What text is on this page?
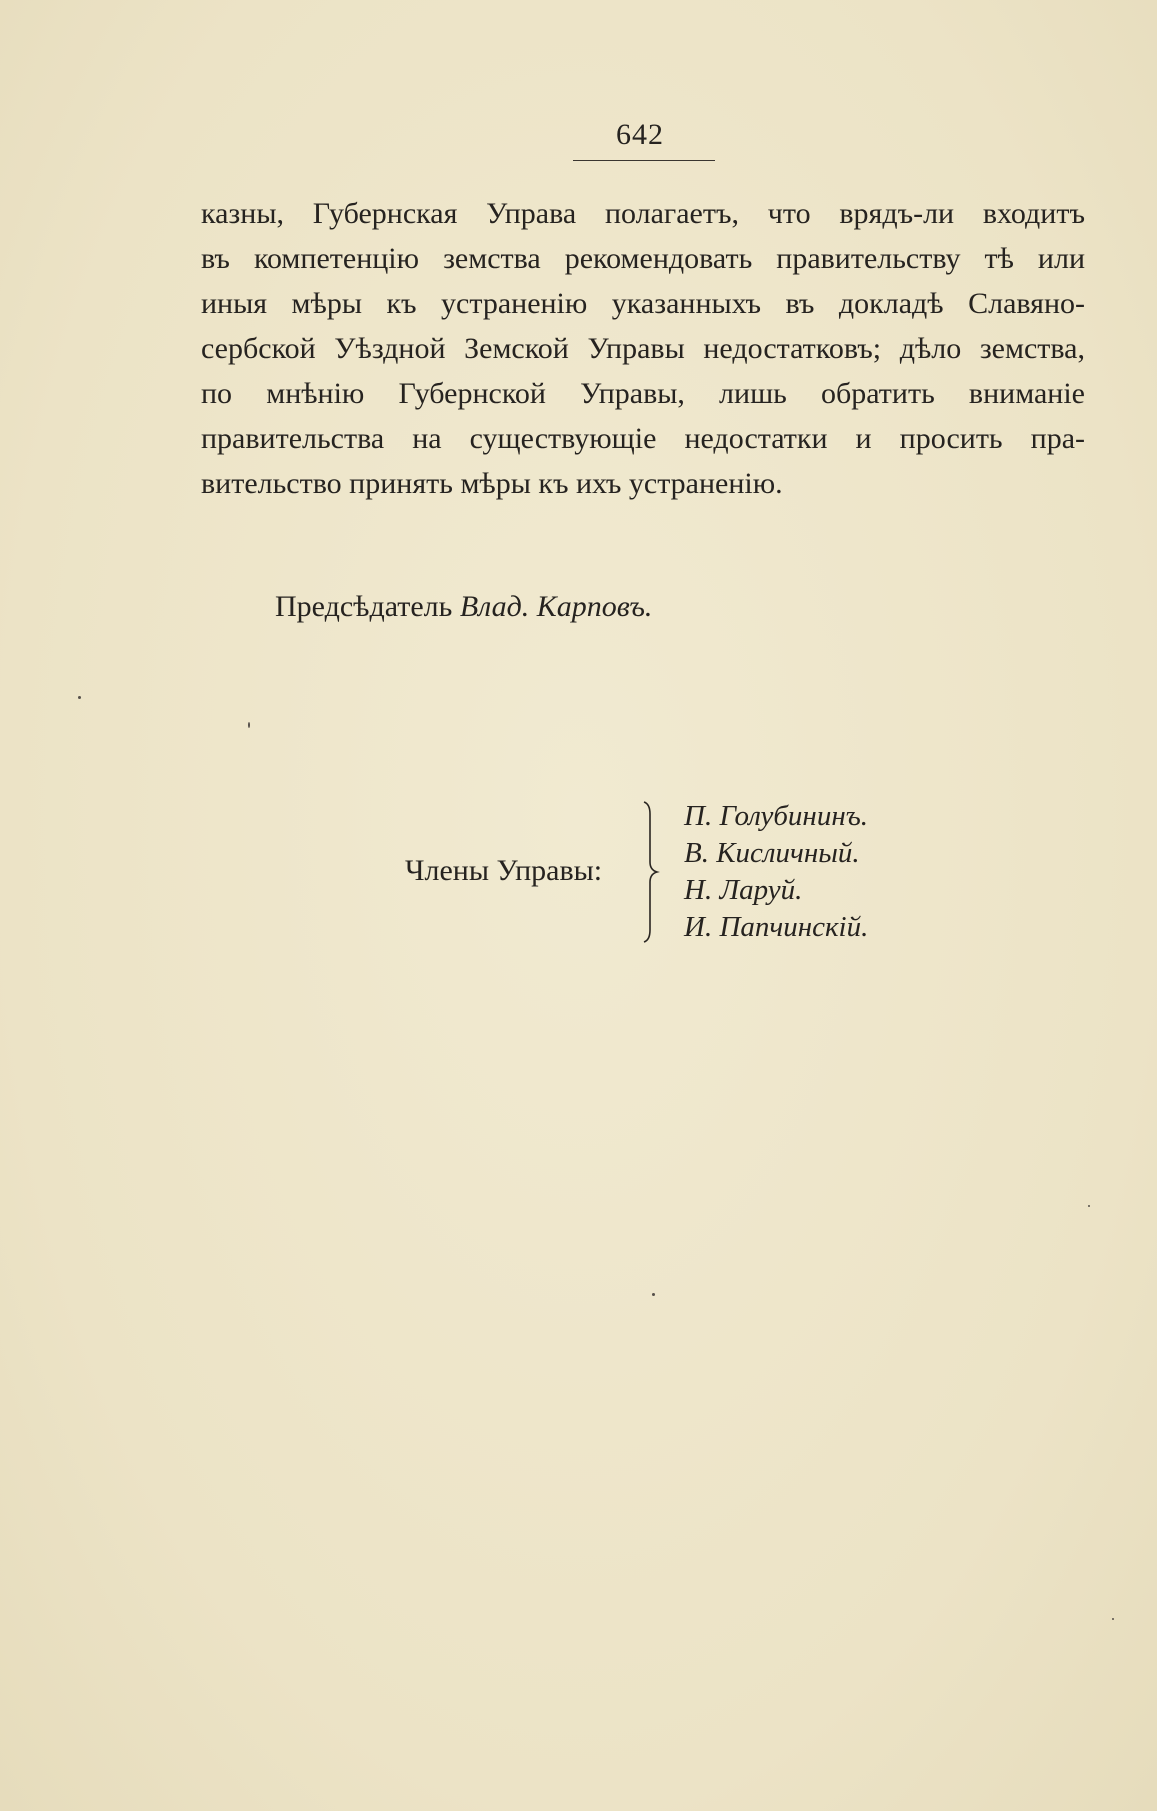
642
казны, Губернская Управа полагаетъ, что врядъ-ли входитъ
въ компетенцію земства рекомендовать правительству тѣ или
иныя мѣры къ устраненію указанныхъ въ докладѣ Славяно-
сербской Уѣздной Земской Управы недостатковъ; дѣло земства,
по мнѣнію Губернской Управы, лишь обратить вниманіе
правительства на существующіе недостатки и просить пра-
вительство принять мѣры къ ихъ устраненію.
Предсѣдатель Влад. Карповъ.
Члены Управы:
П. Голубининъ.
В. Кисличный.
Н. Ларуй.
И. Папчинскій.
